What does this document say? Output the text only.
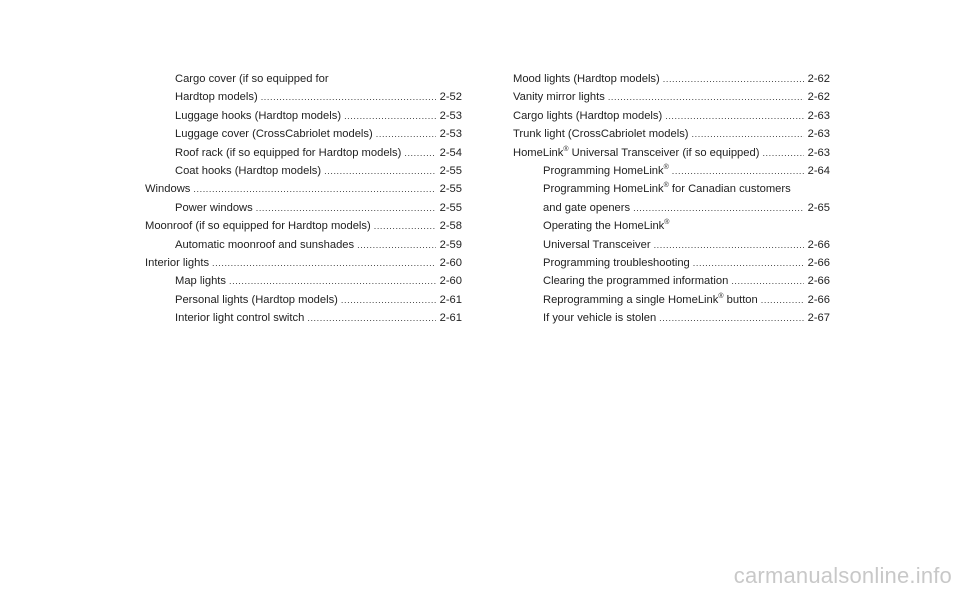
Cargo cover (if so equipped for
Hardtop models) .....	2-52
Luggage hooks (Hardtop models) .....	2-53
Luggage cover (CrossCabriolet models) .....	2-53
Roof rack (if so equipped for Hardtop models) .....	2-54
Coat hooks (Hardtop models) .....	2-55
Windows .....	2-55
Power windows .....	2-55
Moonroof (if so equipped for Hardtop models) .....	2-58
Automatic moonroof and sunshades .....	2-59
Interior lights .....	2-60
Map lights .....	2-60
Personal lights (Hardtop models) .....	2-61
Interior light control switch .....	2-61
Mood lights (Hardtop models) .....	2-62
Vanity mirror lights .....	2-62
Cargo lights (Hardtop models) .....	2-63
Trunk light (CrossCabriolet models) .....	2-63
HomeLink® Universal Transceiver (if so equipped) .....	2-63
Programming HomeLink® .....	2-64
Programming HomeLink® for Canadian customers
and gate openers .....	2-65
Operating the HomeLink®
Universal Transceiver .....	2-66
Programming troubleshooting .....	2-66
Clearing the programmed information .....	2-66
Reprogramming a single HomeLink® button .....	2-66
If your vehicle is stolen .....	2-67
carmanualsonline.info
